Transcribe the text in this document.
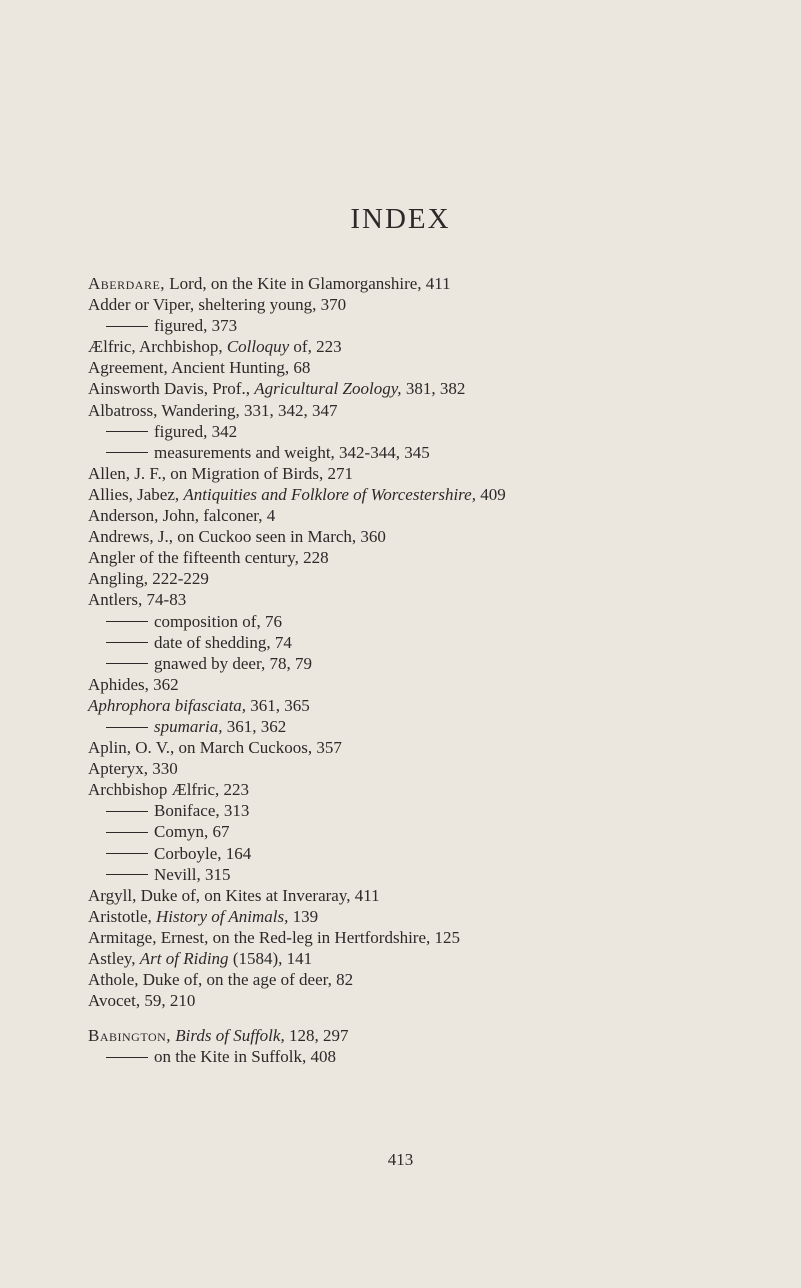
INDEX
Aberdare, Lord, on the Kite in Glamorganshire, 411
Adder or Viper, sheltering young, 370
figured, 373
Ælfric, Archbishop, Colloquy of, 223
Agreement, Ancient Hunting, 68
Ainsworth Davis, Prof., Agricultural Zoology, 381, 382
Albatross, Wandering, 331, 342, 347
figured, 342
measurements and weight, 342-344, 345
Allen, J. F., on Migration of Birds, 271
Allies, Jabez, Antiquities and Folklore of Worcestershire, 409
Anderson, John, falconer, 4
Andrews, J., on Cuckoo seen in March, 360
Angler of the fifteenth century, 228
Angling, 222-229
Antlers, 74-83
composition of, 76
date of shedding, 74
gnawed by deer, 78, 79
Aphides, 362
Aphrophora bifasciata, 361, 365
spumaria, 361, 362
Aplin, O. V., on March Cuckoos, 357
Apteryx, 330
Archbishop Ælfric, 223
Boniface, 313
Comyn, 67
Corboyle, 164
Nevill, 315
Argyll, Duke of, on Kites at Inveraray, 411
Aristotle, History of Animals, 139
Armitage, Ernest, on the Red-leg in Hertfordshire, 125
Astley, Art of Riding (1584), 141
Athole, Duke of, on the age of deer, 82
Avocet, 59, 210
Babington, Birds of Suffolk, 128, 297
on the Kite in Suffolk, 408
413
